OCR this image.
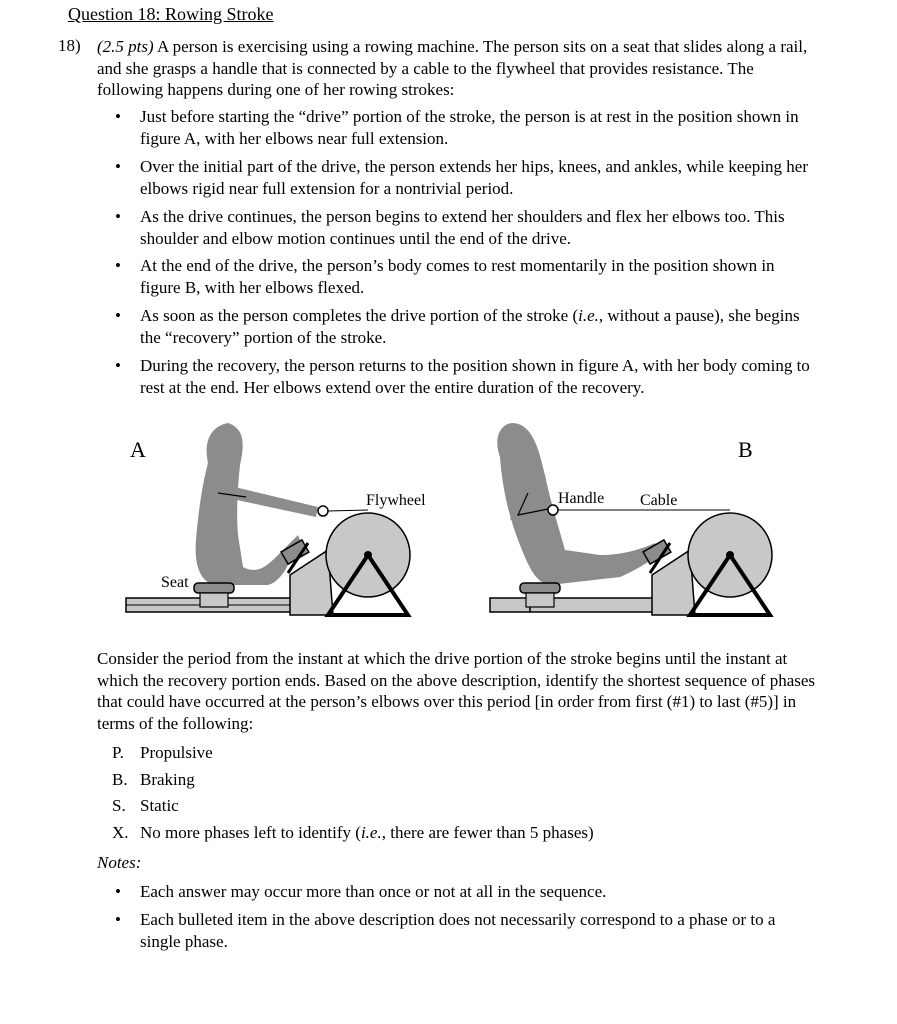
Question 18: Rowing Stroke
18) (2.5 pts) A person is exercising using a rowing machine. The person sits on a seat that slides along a rail, and she grasps a handle that is connected by a cable to the flywheel that provides resistance. The following happens during one of her rowing strokes:
• Just before starting the “drive” portion of the stroke, the person is at rest in the position shown in figure A, with her elbows near full extension.
• Over the initial part of the drive, the person extends her hips, knees, and ankles, while keeping her elbows rigid near full extension for a nontrivial period.
• As the drive continues, the person begins to extend her shoulders and flex her elbows too. This shoulder and elbow motion continues until the end of the drive.
• At the end of the drive, the person’s body comes to rest momentarily in the position shown in figure B, with her elbows flexed.
• As soon as the person completes the drive portion of the stroke (i.e., without a pause), she begins the “recovery” portion of the stroke.
• During the recovery, the person returns to the position shown in figure A, with her body coming to rest at the end. Her elbows extend over the entire duration of the recovery.
A
Seat
Flywheel
B
Handle Cable
Consider the period from the instant at which the drive portion of the stroke begins until the instant at which the recovery portion ends. Based on the above description, identify the shortest sequence of phases that could have occurred at the person’s elbows over this period [in order from first (#1) to last (#5)] in terms of the following:
P. Propulsive
B. Braking
S. Static
X. No more phases left to identify (i.e., there are fewer than 5 phases)
Notes:
• Each answer may occur more than once or not at all in the sequence.
• Each bulleted item in the above description does not necessarily correspond to a phase or to a single phase.
